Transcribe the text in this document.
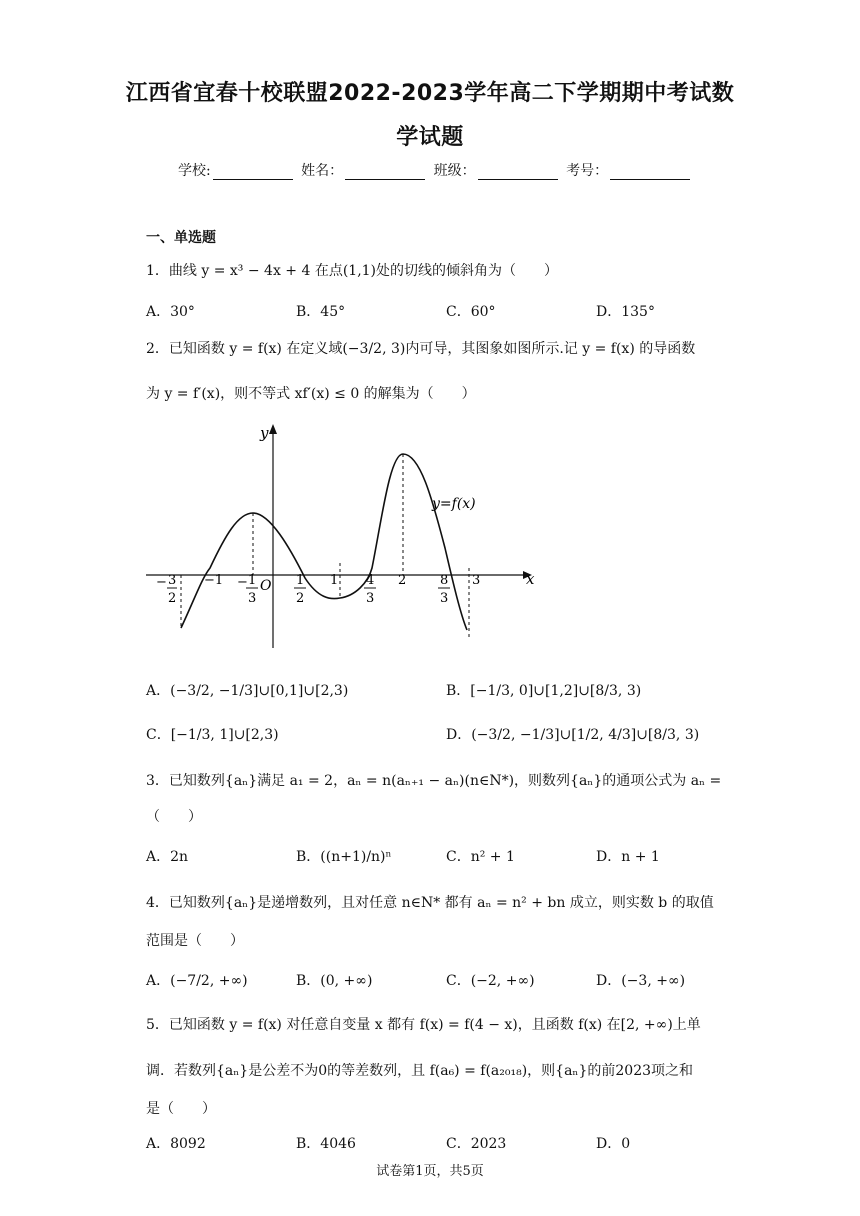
江西省宜春十校联盟2022-2023学年高二下学期期中考试数
学试题
学校:	姓名：	班级：	考号：
一、单选题
1．曲线 y = x³ − 4x + 4 在点(1,1)处的切线的倾斜角为（　　）
A．30°	B．45°	C．60°	D．135°
2．已知函数 y = f(x) 在定义域(−3/2, 3)内可导，其图象如图所示.记 y = f(x) 的导函数
为 y = f′(x)，则不等式 xf′(x) ≤ 0 的解集为（　　）
x
y
O
y=f(x)
− 3
2
−1 − 1
3
1
2
1 4
3
2	8
3
3
A．(−3/2, −1/3]∪[0,1]∪[2,3)	B．[−1/3, 0]∪[1,2]∪[8/3, 3)
C．[−1/3, 1]∪[2,3)	D．(−3/2, −1/3]∪[1/2, 4/3]∪[8/3, 3)
3．已知数列{aₙ}满足 a₁ = 2，aₙ = n(aₙ₊₁ − aₙ)(n∈N*)，则数列{aₙ}的通项公式为 aₙ =
（　　）
A．2n	B．((n+1)/n)ⁿ	C．n² + 1	D．n + 1
4．已知数列{aₙ}是递增数列，且对任意 n∈N* 都有 aₙ = n² + bn 成立，则实数 b 的取值
范围是（　　）
A．(−7/2, +∞)	B．(0, +∞)	C．(−2, +∞)	D．(−3, +∞)
5．已知函数 y = f(x) 对任意自变量 x 都有 f(x) = f(4 − x)，且函数 f(x) 在[2, +∞)上单
调．若数列{aₙ}是公差不为0的等差数列，且 f(a₆) = f(a₂₀₁₈)，则{aₙ}的前2023项之和
是（　　）
A．8092	B．4046	C．2023	D．0
试卷第1页，共5页
